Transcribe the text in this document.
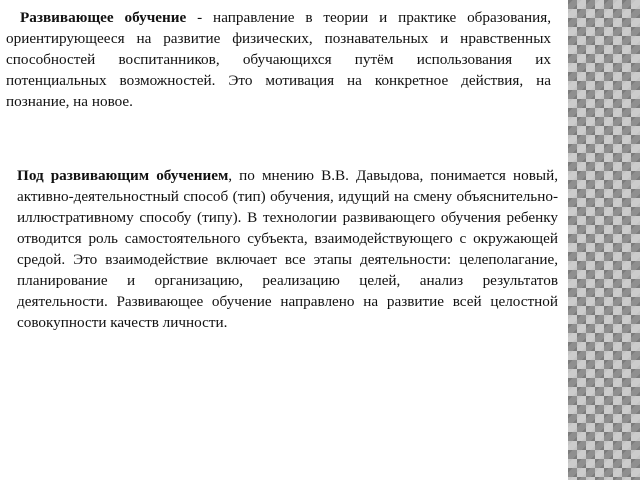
Развивающее обучение - направление в теории и практике образования, ориентирующееся на развитие физических, познавательных и нравственных способностей воспитанников, обучающихся путём использования их потенциальных возможностей. Это мотивация на конкретное действия, на познание, на новое.

Под развивающим обучением, по мнению В.В. Давыдова, понимается новый, активно-деятельностный способ (тип) обучения, идущий на смену объяснительно-иллюстративному способу (типу). В технологии развивающего обучения ребенку отводится роль самостоятельного субъекта, взаимодействующего с окружающей средой. Это взаимодействие включает все этапы деятельности: целеполагание, планирование и организацию, реализацию целей, анализ результатов деятельности. Развивающее обучение направлено на развитие всей целостной совокупности качеств личности.
